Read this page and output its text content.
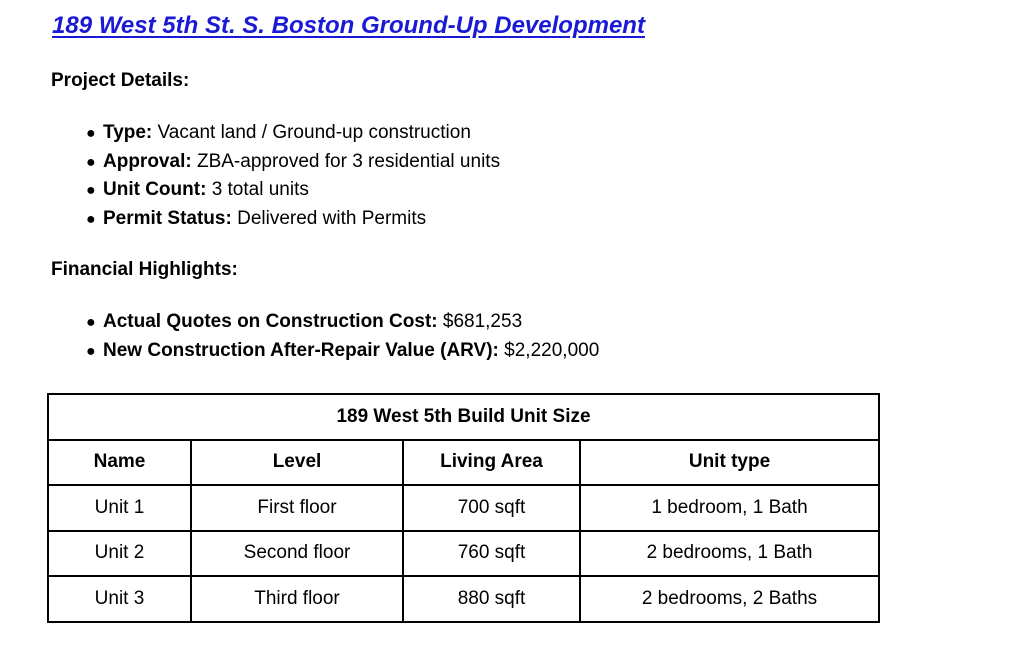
189 West 5th St. S. Boston Ground-Up Development
Project Details:
● Type: Vacant land / Ground-up construction
● Approval: ZBA-approved for 3 residential units
● Unit Count: 3 total units
● Permit Status: Delivered with Permits
Financial Highlights:
● Actual Quotes on Construction Cost: $681,253
● New Construction After-Repair Value (ARV): $2,220,000
189 West 5th Build Unit Size			
Name	Level	Living Area	Unit type
Unit 1	First floor	700 sqft	1 bedroom, 1 Bath
Unit 2	Second floor	760 sqft	2 bedrooms, 1 Bath
Unit 3	Third floor	880 sqft	2 bedrooms, 2 Baths
